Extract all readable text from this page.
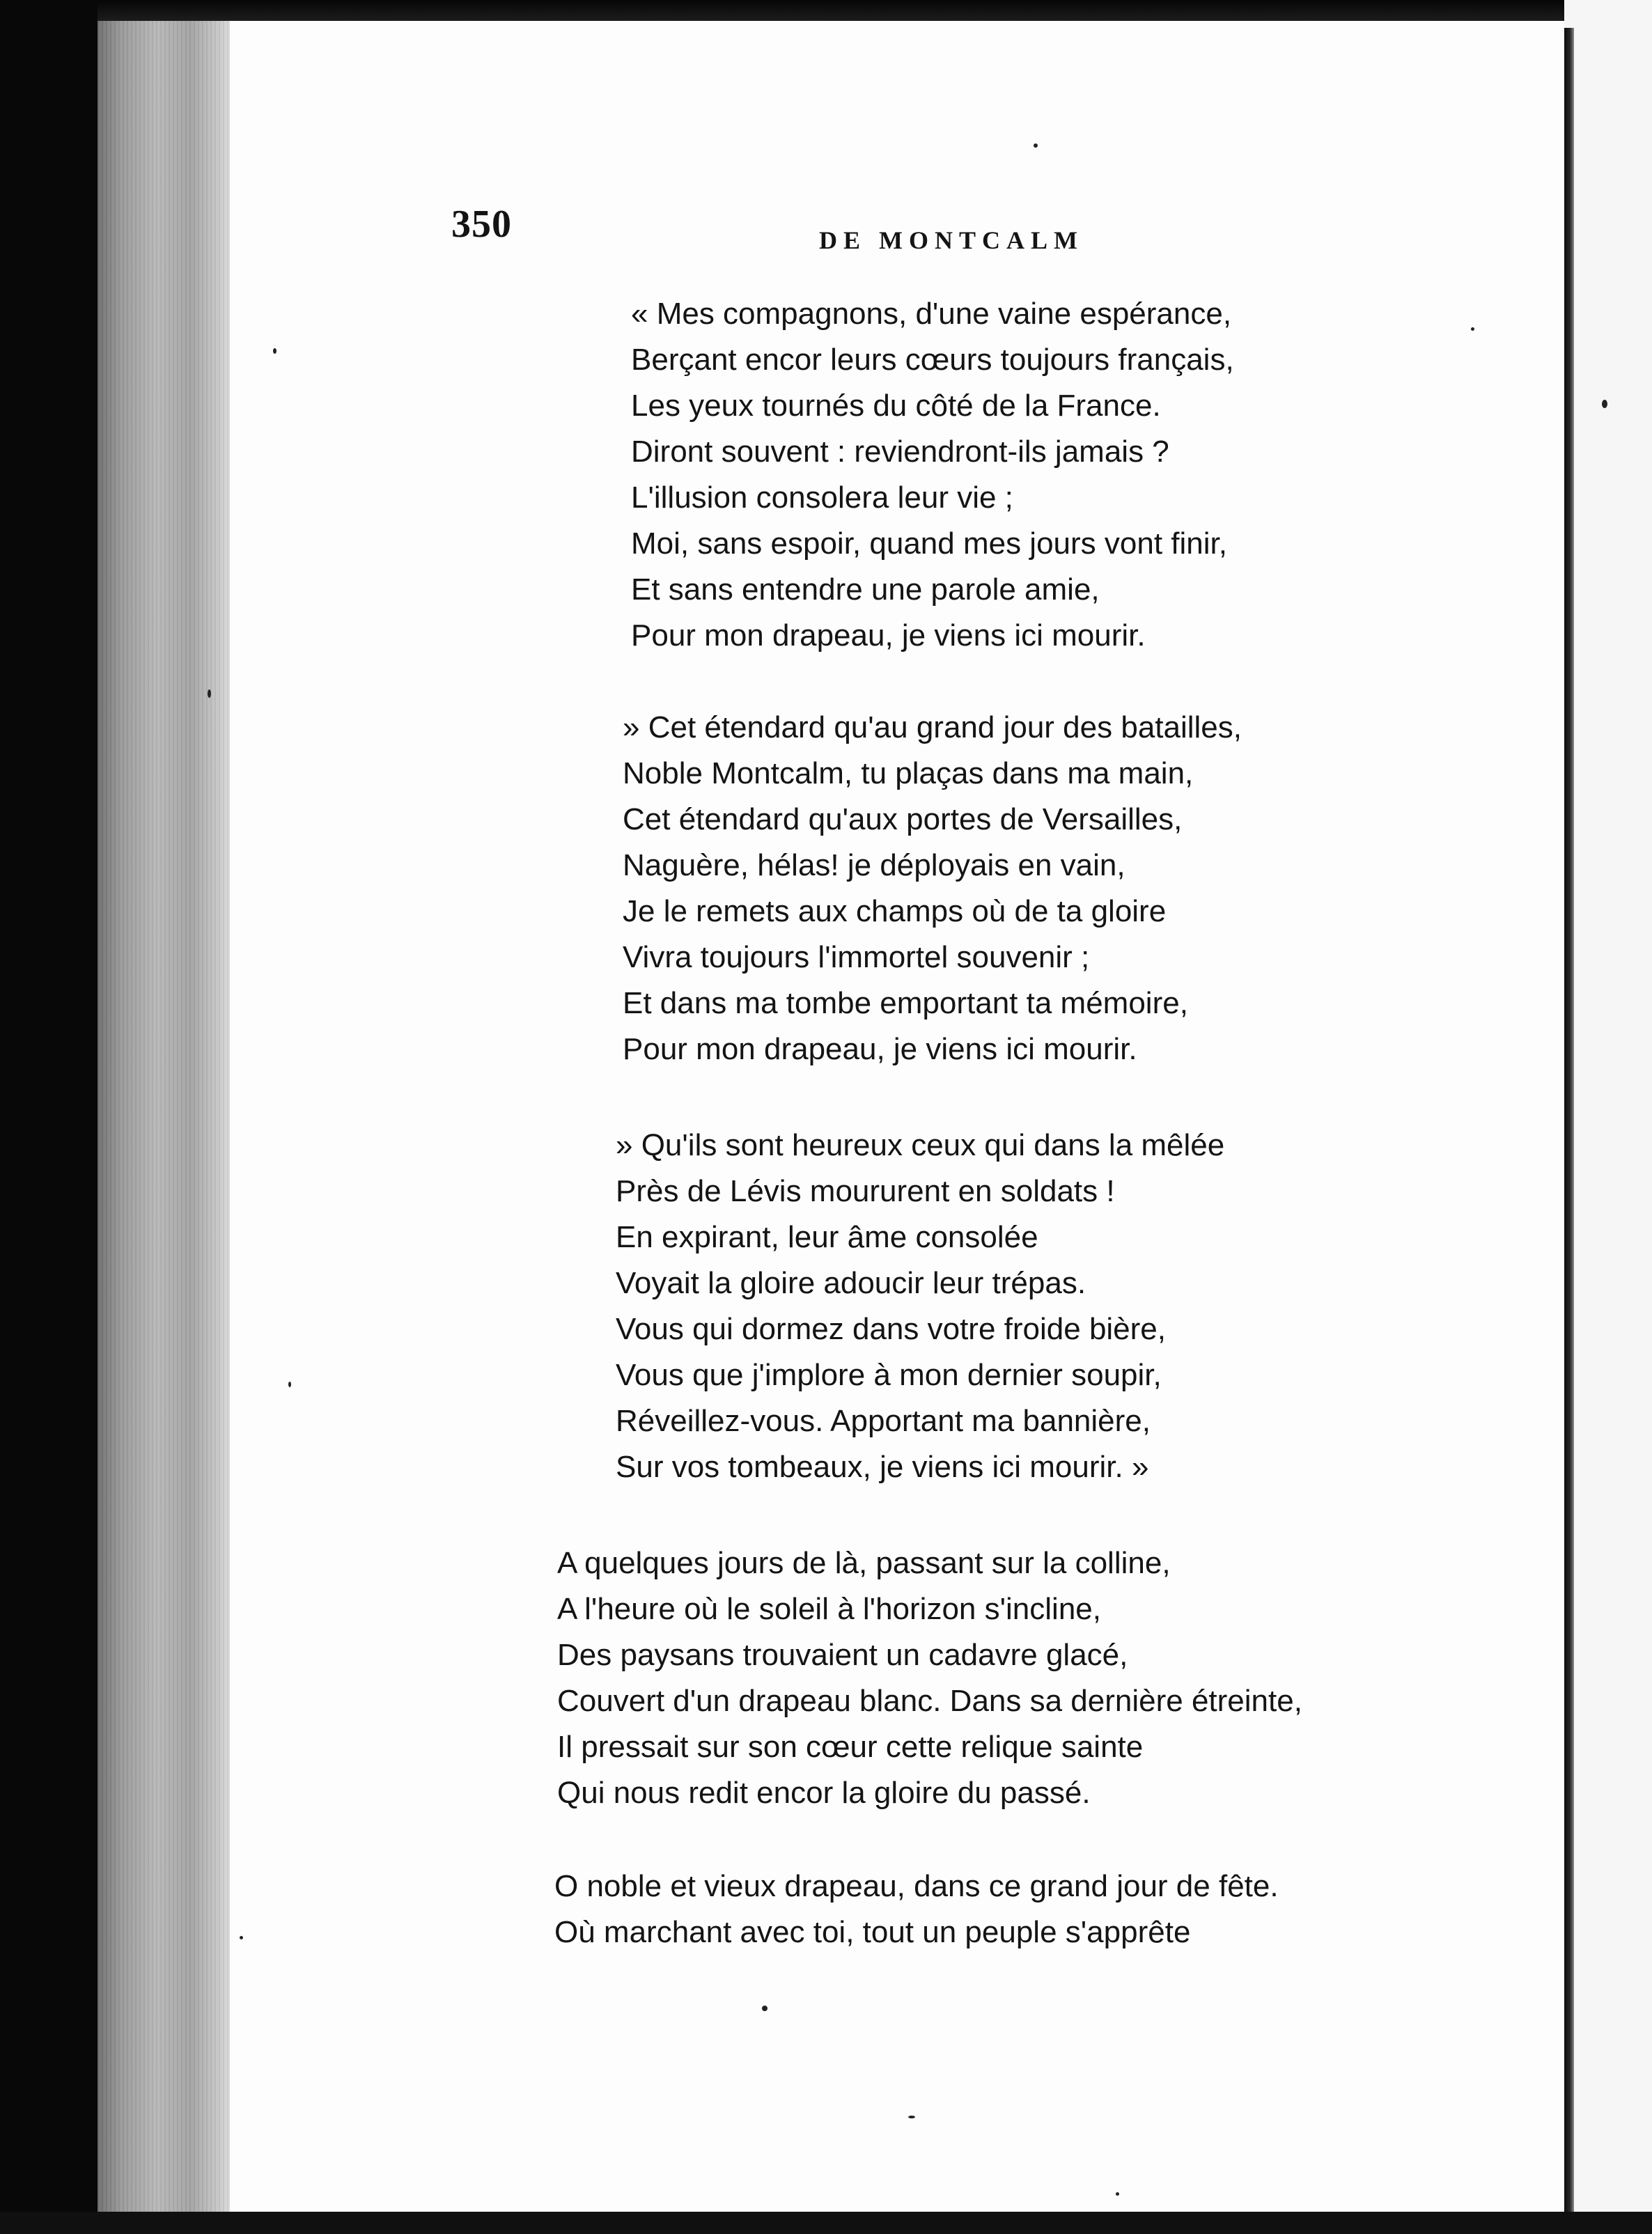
350	DE MONTCALM
« Mes compagnons, d'une vaine espérance,
Berçant encor leurs cœurs toujours français,
Les yeux tournés du côté de la France.
Diront souvent : reviendront-ils jamais ?
L'illusion consolera leur vie ;
Moi, sans espoir, quand mes jours vont finir,
Et sans entendre une parole amie,
Pour mon drapeau, je viens ici mourir.
» Cet étendard qu'au grand jour des batailles,
Noble Montcalm, tu plaças dans ma main,
Cet étendard qu'aux portes de Versailles,
Naguère, hélas! je déployais en vain,
Je le remets aux champs où de ta gloire
Vivra toujours l'immortel souvenir ;
Et dans ma tombe emportant ta mémoire,
Pour mon drapeau, je viens ici mourir.
» Qu'ils sont heureux ceux qui dans la mêlée
Près de Lévis moururent en soldats !
En expirant, leur âme consolée
Voyait la gloire adoucir leur trépas.
Vous qui dormez dans votre froide bière,
Vous que j'implore à mon dernier soupir,
Réveillez-vous. Apportant ma bannière,
Sur vos tombeaux, je viens ici mourir. »
A quelques jours de là, passant sur la colline,
A l'heure où le soleil à l'horizon s'incline,
Des paysans trouvaient un cadavre glacé,
Couvert d'un drapeau blanc. Dans sa dernière étreinte,
Il pressait sur son cœur cette relique sainte
Qui nous redit encor la gloire du passé.
O noble et vieux drapeau, dans ce grand jour de fête.
Où marchant avec toi, tout un peuple s'apprête
